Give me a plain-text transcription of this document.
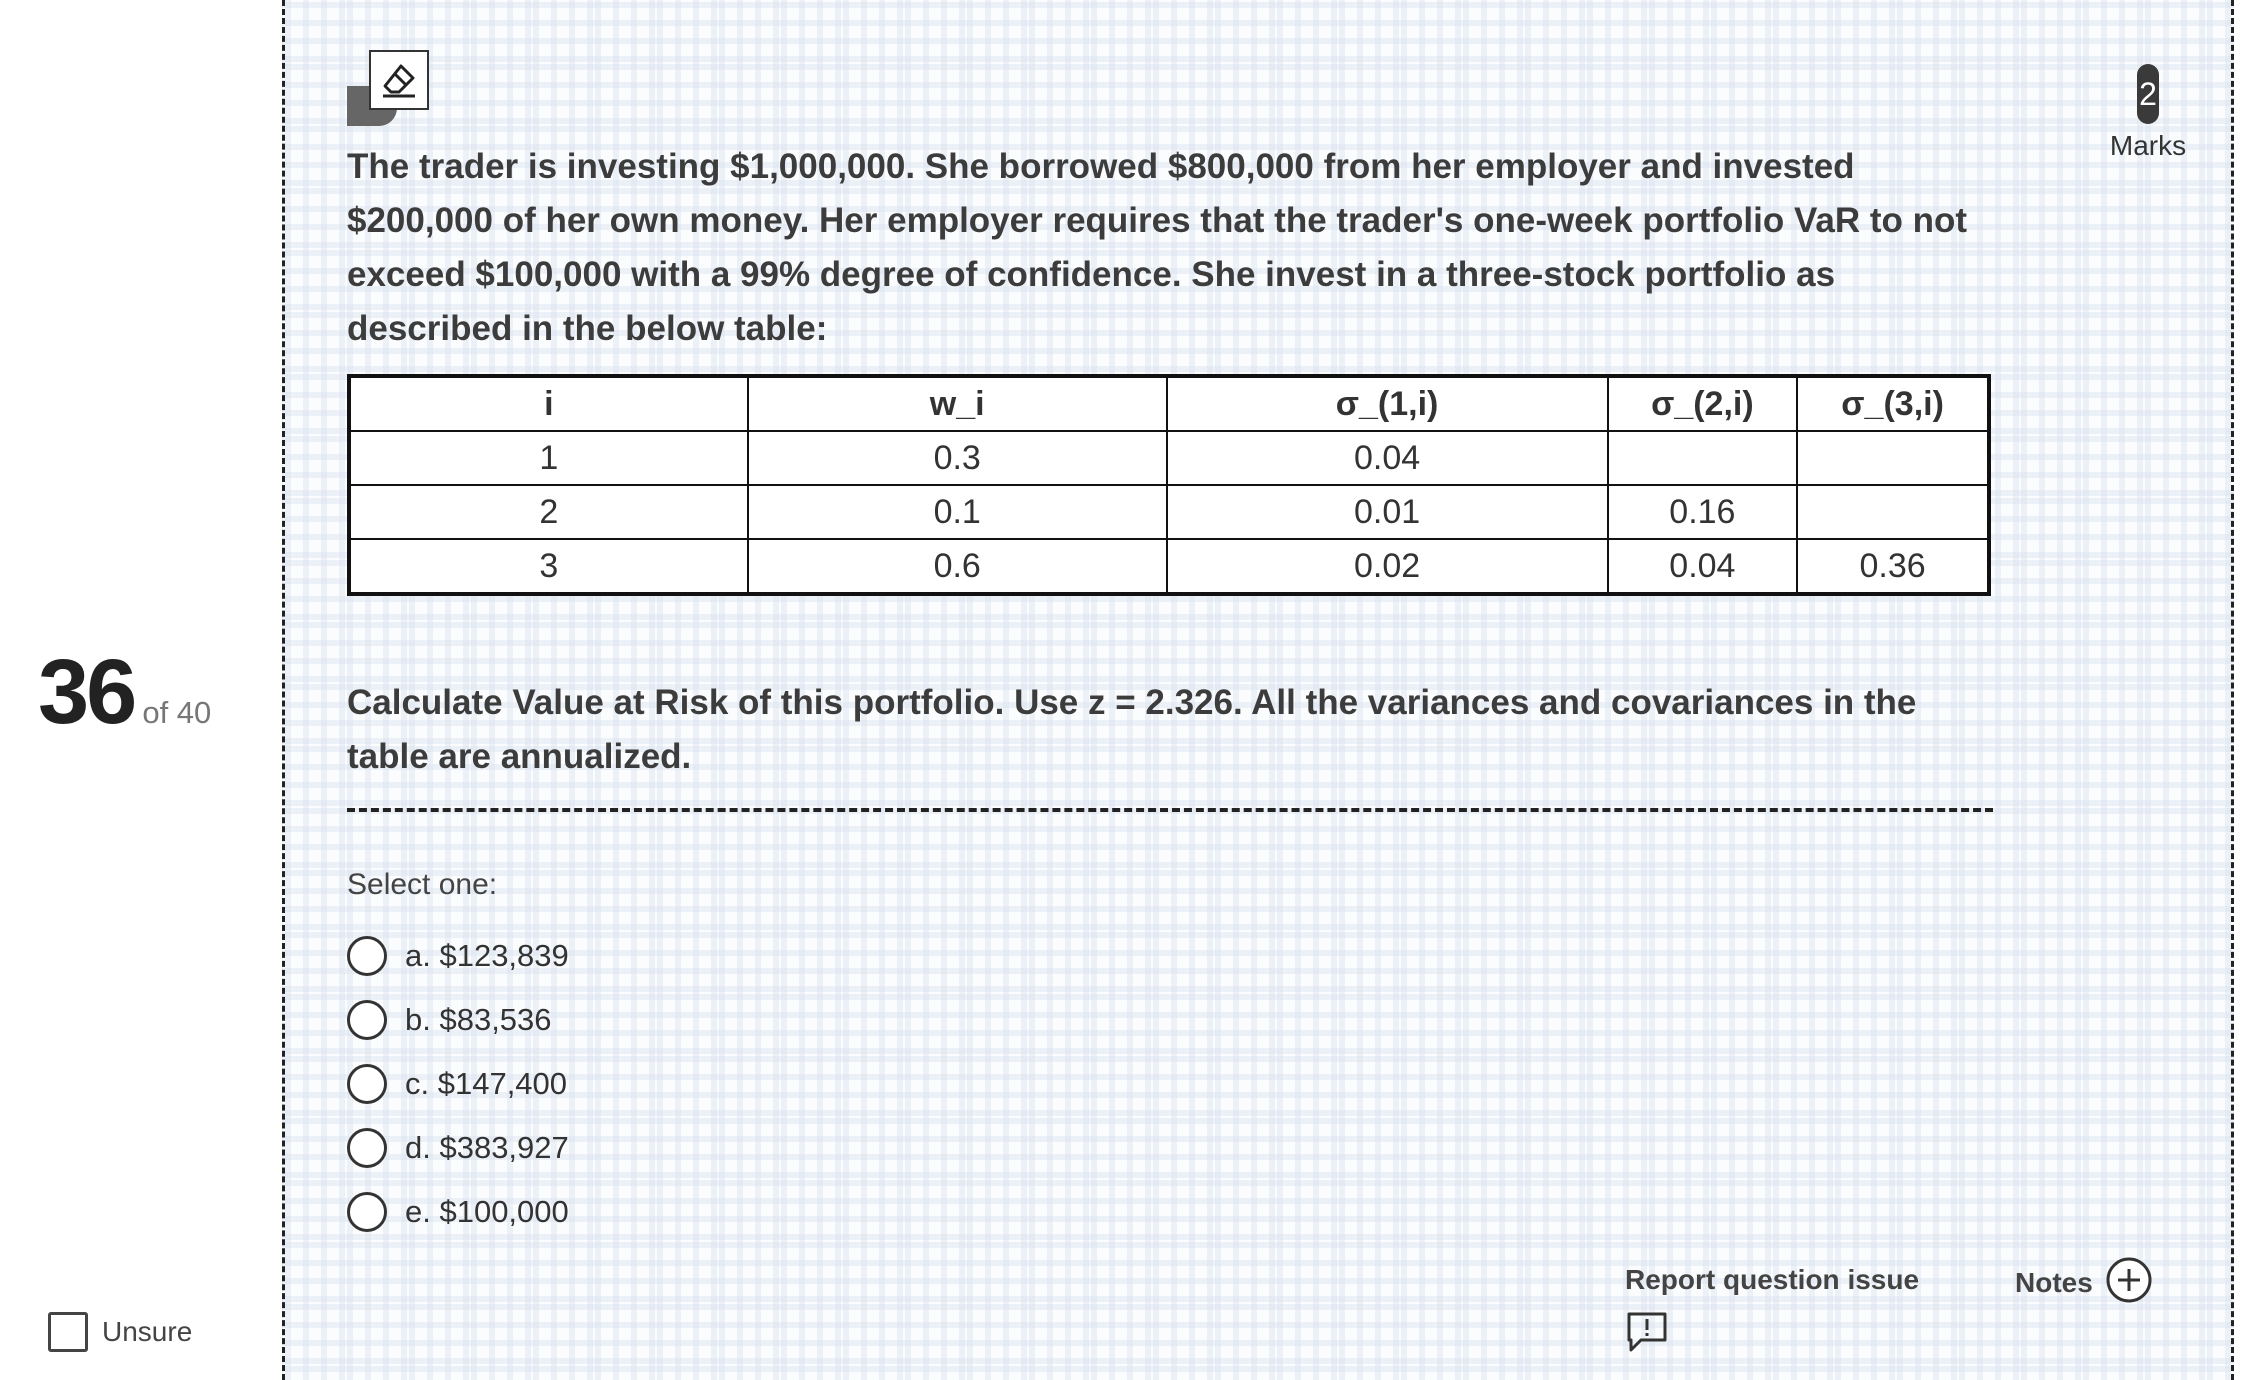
36 of 40
Unsure
2
Marks

The trader is investing $1,000,000. She borrowed $800,000 from her employer and invested $200,000 of her own money. Her employer requires that the trader's one-week portfolio VaR to not exceed $100,000 with a 99% degree of confidence. She invest in a three-stock portfolio as described in the below table:

i	w_i	σ_(1,i)	σ_(2,i)	σ_(3,i)
1	0.3	0.04		
2	0.1	0.01	0.16	
3	0.6	0.02	0.04	0.36

Calculate Value at Risk of this portfolio. Use z = 2.326. All the variances and covariances in the table are annualized.

Select one:
a. $123,839
b. $83,536
c. $147,400
d. $383,927
e. $100,000
Report question issue	Notes
